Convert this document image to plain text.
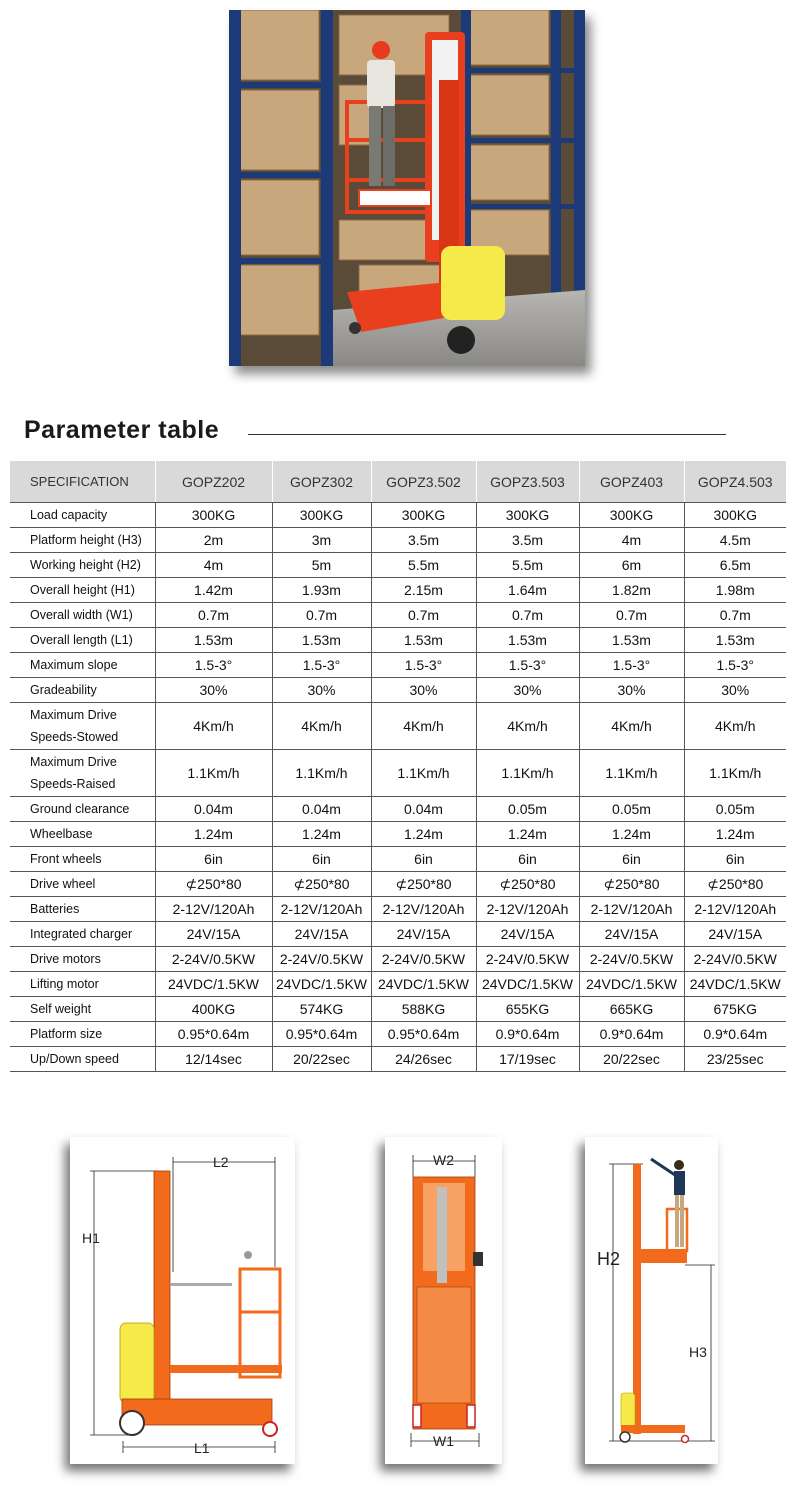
Parameter table
SPECIFICATION	GOPZ202	GOPZ302	GOPZ3.502	GOPZ3.503	GOPZ403	GOPZ4.503
Load capacity	300KG	300KG	300KG	300KG	300KG	300KG
Platform height (H3)	2m	3m	3.5m	3.5m	4m	4.5m
Working height (H2)	4m	5m	5.5m	5.5m	6m	6.5m
Overall height (H1)	1.42m	1.93m	2.15m	1.64m	1.82m	1.98m
Overall width (W1)	0.7m	0.7m	0.7m	0.7m	0.7m	0.7m
Overall length (L1)	1.53m	1.53m	1.53m	1.53m	1.53m	1.53m
Maximum slope	1.5-3°	1.5-3°	1.5-3°	1.5-3°	1.5-3°	1.5-3°
Gradeability	30%	30%	30%	30%	30%	30%
Maximum Drive Speeds-Stowed	4Km/h	4Km/h	4Km/h	4Km/h	4Km/h	4Km/h
Maximum Drive Speeds-Raised	1.1Km/h	1.1Km/h	1.1Km/h	1.1Km/h	1.1Km/h	1.1Km/h
Ground clearance	0.04m	0.04m	0.04m	0.05m	0.05m	0.05m
Wheelbase	1.24m	1.24m	1.24m	1.24m	1.24m	1.24m
Front wheels	6in	6in	6in	6in	6in	6in
Drive wheel	⊄250*80	⊄250*80	⊄250*80	⊄250*80	⊄250*80	⊄250*80
Batteries	2-12V/120Ah	2-12V/120Ah	2-12V/120Ah	2-12V/120Ah	2-12V/120Ah	2-12V/120Ah
Integrated charger	24V/15A	24V/15A	24V/15A	24V/15A	24V/15A	24V/15A
Drive motors	2-24V/0.5KW	2-24V/0.5KW	2-24V/0.5KW	2-24V/0.5KW	2-24V/0.5KW	2-24V/0.5KW
Lifting motor	24VDC/1.5KW	24VDC/1.5KW	24VDC/1.5KW	24VDC/1.5KW	24VDC/1.5KW	24VDC/1.5KW
Self weight	400KG	574KG	588KG	655KG	665KG	675KG
Platform size	0.95*0.64m	0.95*0.64m	0.95*0.64m	0.9*0.64m	0.9*0.64m	0.9*0.64m
Up/Down speed	12/14sec	20/22sec	24/26sec	17/19sec	20/22sec	23/25sec
H1
L2
L1
W2
W1
H2
H3
